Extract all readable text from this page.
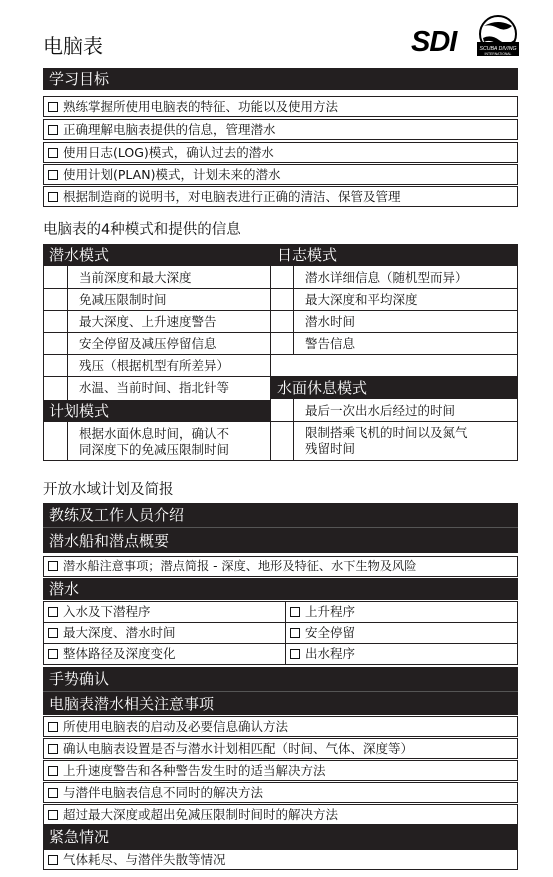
电脑表	SDI	SCUBA DIVING
INTERNATIONAL
学习目标
熟练掌握所使用电脑表的特征、功能以及使用方法
正确理解电脑表提供的信息，管理潜水
使用日志(LOG)模式，确认过去的潜水
使用计划(PLAN)模式，计划未来的潜水
根据制造商的说明书，对电脑表进行正确的清洁、保管及管理
电脑表的4种模式和提供的信息
潜水模式
当前深度和最大深度
免减压限制时间
最大深度、上升速度警告
安全停留及减压停留信息
残压（根据机型有所差异）
水温、当前时间、指北针等
日志模式
潜水详细信息（随机型而异）
最大深度和平均深度
潜水时间
警告信息
水面休息模式
最后一次出水后经过的时间
限制搭乘飞机的时间以及氮气
残留时间
计划模式
根据水面休息时间，确认不
同深度下的免减压限制时间
开放水域计划及简报
教练及工作人员介绍
潜水船和潜点概要
潜水船注意事项；潜点简报 - 深度、地形及特征、水下生物及风险
潜水
入水及下潜程序	上升程序
最大深度、潜水时间	安全停留
整体路径及深度变化	出水程序
手势确认
电脑表潜水相关注意事项
所使用电脑表的启动及必要信息确认方法
确认电脑表设置是否与潜水计划相匹配（时间、气体、深度等）
上升速度警告和各种警告发生时的适当解决方法
与潜伴电脑表信息不同时的解决方法
超过最大深度或超出免减压限制时间时的解决方法
紧急情况
气体耗尽、与潜伴失散等情况
